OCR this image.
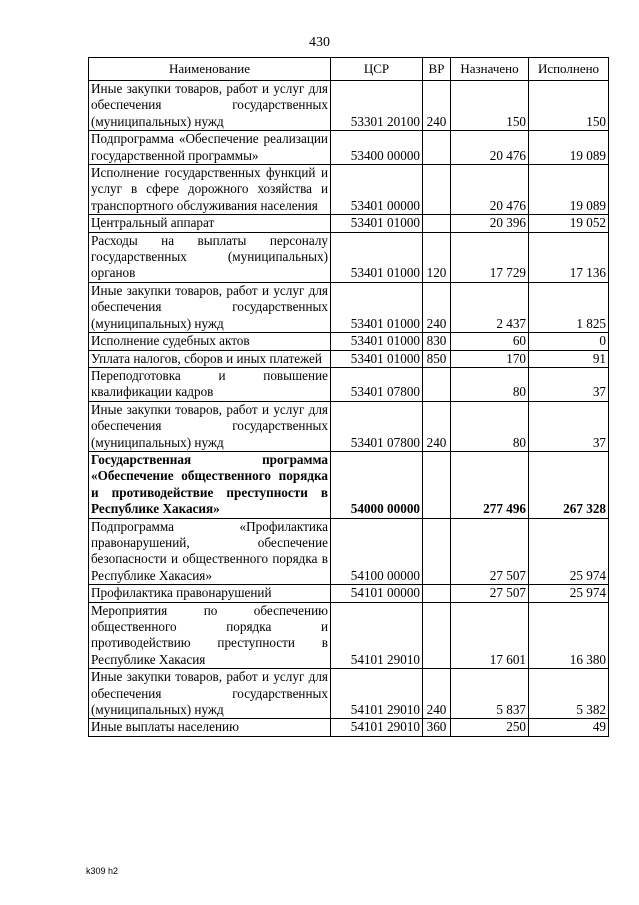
430
Наименование	ЦСР	ВР	Назначено	Исполнено
Иные закупки товаров, работ и услуг для обеспечения государственных (муниципальных) нужд	53301 20100	240	150	150
Подпрограмма «Обеспечение реализации государственной программы»	53400 00000		20 476	19 089
Исполнение государственных функций и услуг в сфере дорожного хозяйства и транспортного обслуживания населения	53401 00000		20 476	19 089
Центральный аппарат	53401 01000		20 396	19 052
Расходы на выплаты персоналу государственных (муниципальных) органов	53401 01000	120	17 729	17 136
Иные закупки товаров, работ и услуг для обеспечения государственных (муниципальных) нужд	53401 01000	240	2 437	1 825
Исполнение судебных актов	53401 01000	830	60	0
Уплата налогов, сборов и иных платежей	53401 01000	850	170	91
Переподготовка и повышение квалификации кадров	53401 07800		80	37
Иные закупки товаров, работ и услуг для обеспечения государственных (муниципальных) нужд	53401 07800	240	80	37
Государственная программа «Обеспечение общественного порядка и противодействие преступности в Республике Хакасия»	54000 00000		277 496	267 328
Подпрограмма «Профилактика правонарушений, обеспечение безопасности и общественного порядка в Республике Хакасия»	54100 00000		27 507	25 974
Профилактика правонарушений	54101 00000		27 507	25 974
Мероприятия по обеспечению общественного порядка и противодействию преступности в Республике Хакасия	54101 29010		17 601	16 380
Иные закупки товаров, работ и услуг для обеспечения государственных (муниципальных) нужд	54101 29010	240	5 837	5 382
Иные выплаты населению	54101 29010	360	250	49
k309 h2
